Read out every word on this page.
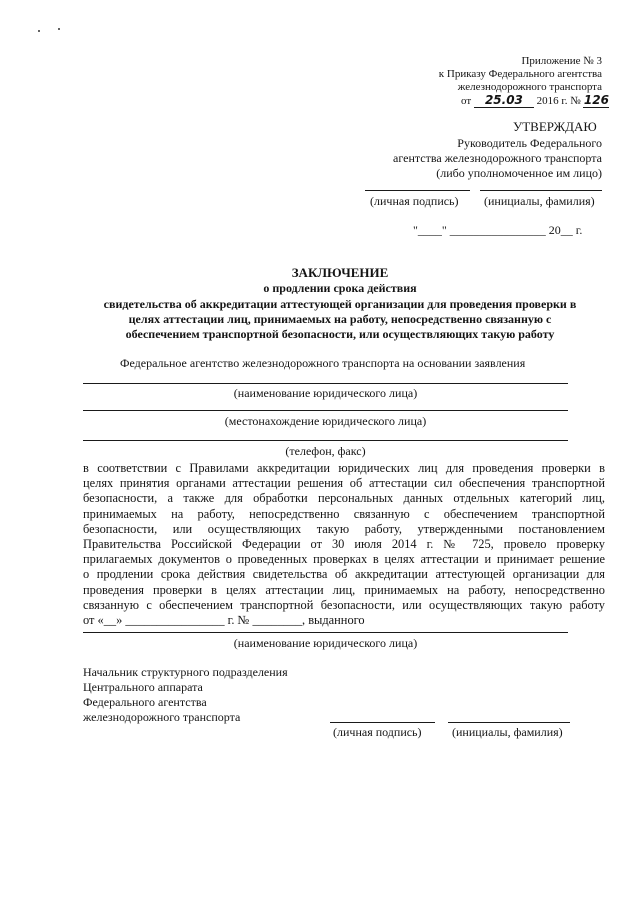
Приложение № 3
к Приказу Федерального агентства
железнодорожного транспорта
от 25.03 2016 г. № 126
УТВЕРЖДАЮ
Руководитель Федерального
агентства железнодорожного транспорта
(либо уполномоченное им лицо)
(личная подпись) (инициалы, фамилия)
"____" ________________ 20__ г.
ЗАКЛЮЧЕНИЕ
о продлении срока действия
свидетельства об аккредитации аттестующей организации для проведения проверки в
целях аттестации лиц, принимаемых на работу, непосредственно связанную с
обеспечением транспортной безопасности, или осуществляющих такую работу
Федеральное агентство железнодорожного транспорта на основании заявления
(наименование юридического лица)
(местонахождение юридического лица)
(телефон, факс)
в соответствии с Правилами аккредитации юридических лиц для проведения проверки в
целях принятия органами аттестации решения об аттестации сил обеспечения транспортной
безопасности, а также для обработки персональных данных отдельных категорий лиц,
принимаемых на работу, непосредственно связанную с обеспечением транспортной
безопасности, или осуществляющих такую работу, утвержденными постановлением
Правительства Российской Федерации от 30 июля 2014 г. № 725, провело проверку
прилагаемых документов о проведенных проверках в целях аттестации и принимает решение
о продлении срока действия свидетельства об аккредитации аттестующей организации для
проведения проверки в целях аттестации лиц, принимаемых на работу, непосредственно
связанную с обеспечением транспортной безопасности, или осуществляющих такую работу
от «__» ________________ г. № ________, выданного
(наименование юридического лица)
Начальник структурного подразделения
Центрального аппарата
Федерального агентства
железнодорожного транспорта
(личная подпись)	(инициалы, фамилия)
